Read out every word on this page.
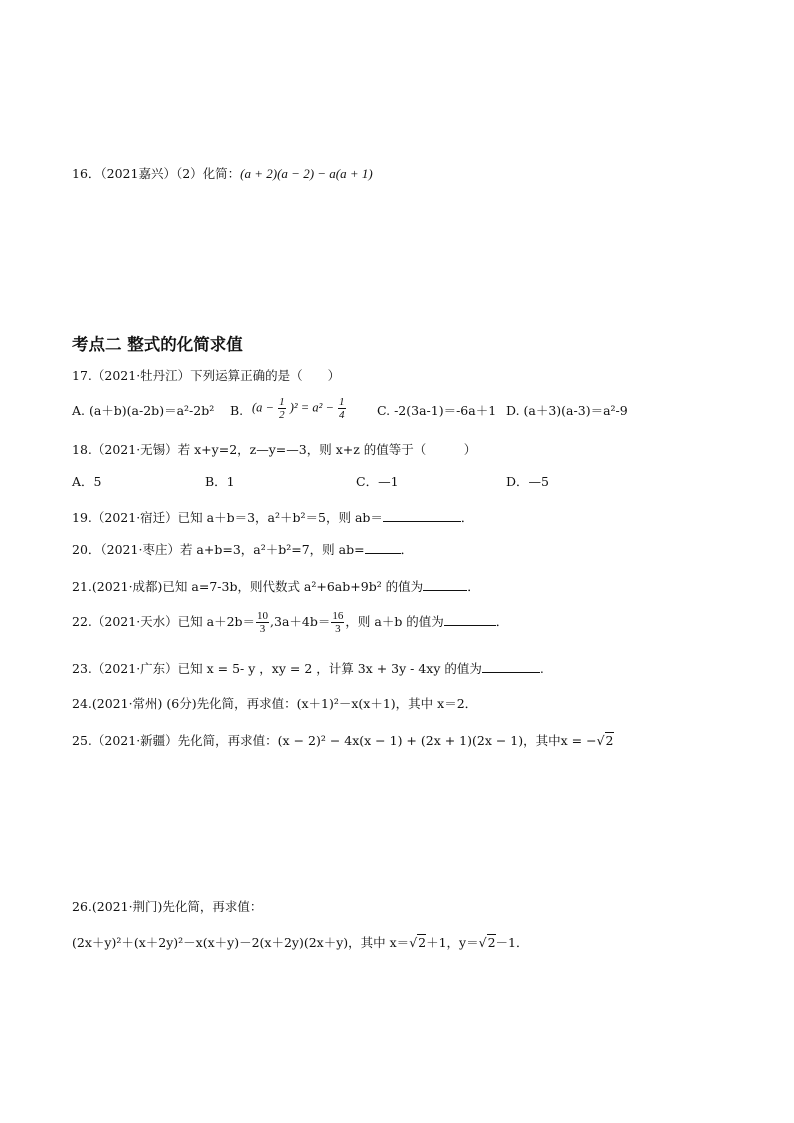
16．（2021嘉兴）（2）化简：(a + 2)(a − 2) − a(a + 1)
考点二 整式的化简求值
17.（2021·牡丹江）下列运算正确的是（　　）
A. (a＋b)(a-2b)＝a²-2b² B. $(a - \frac{1}{2} )^2 = a^2 - \frac{1}{4}$	C. -2(3a-1)＝-6a＋1 D. (a＋3)(a-3)＝a²-9
18.（2021·无锡）若 x+y=2，z—y=—3，则 x+z 的值等于（　　　）
A．5	B．1	C．—1	D．—5
19.（2021·宿迁）已知 a＋b＝3，a²＋b²＝5，则 ab＝	．
20．（2021·枣庄）若 a+b=3，a²＋b²=7，则 ab=	．
21.(2021·成都)已知 a=7-3b，则代数式 a²+6ab+9b² 的值为	．
22.（2021·天水）已知 $a+2b= \frac{10}{3} ,3a+4b= \frac{16}{3}$ ，则 a＋b 的值为	．
23.（2021·广东）已知 x = 5- y ，xy = 2 ，计算 3x + 3y - 4xy 的值为	.
24.(2021·常州) (6分)先化简，再求值：(x＋1)²－x(x＋1)，其中 x＝2．
25.（2021·新疆）先化简，再求值：(x − 2)² − 4x(x − 1) + (2x + 1)(2x − 1)，其中x = −√2
26.(2021·荆门)先化简，再求值：
(2x＋y)²＋(x＋2y)²－x(x＋y)－2(x＋2y)(2x＋y)，其中 x＝√2＋1，y＝√2－1．
